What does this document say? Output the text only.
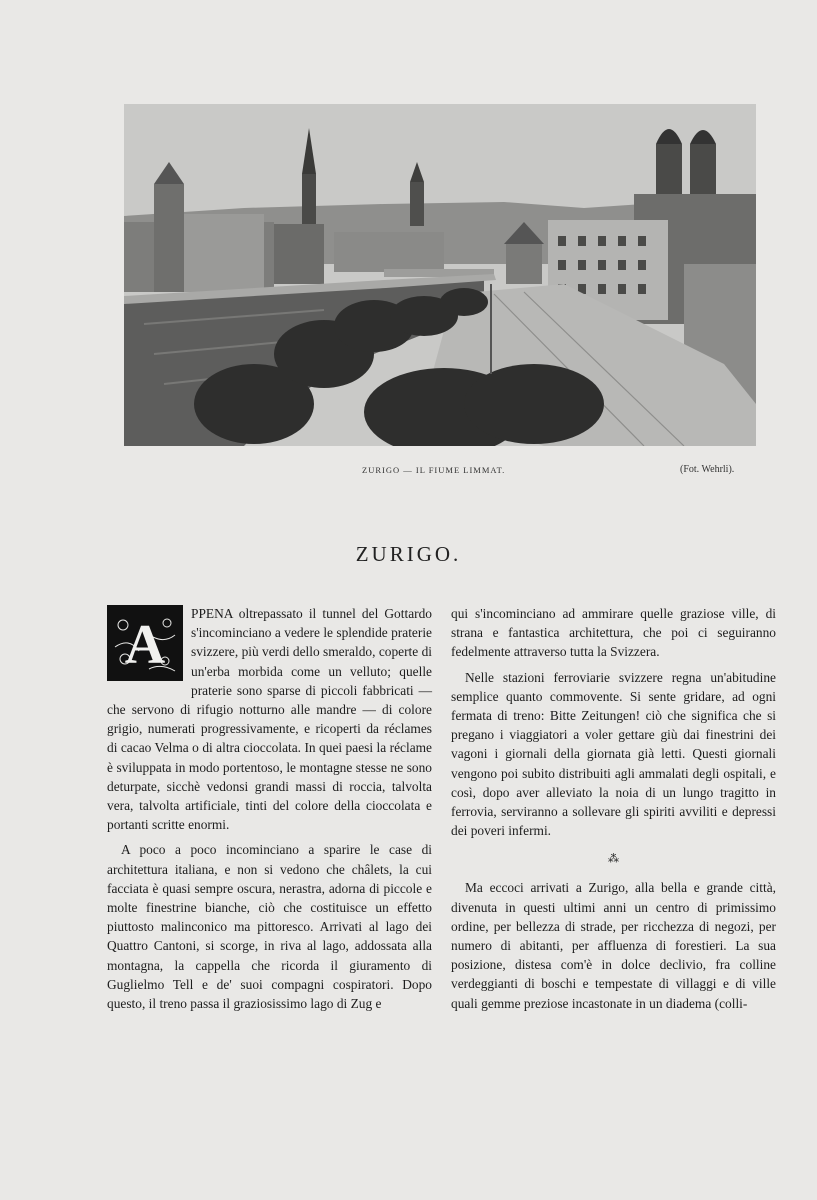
ZURIGO — IL FIUME LIMMAT.	(Fot. Wehrli).
ZURIGO.

A
PPENA oltrepassato il tunnel del Gottardo s'incominciano a vedere le splendide praterie svizzere, più verdi dello smeraldo, coperte di un'erba morbida come un velluto; quelle praterie sono sparse di piccoli fabbricati — che servono di rifugio notturno alle mandre — di colore grigio, numerati progressivamente, e ricoperti da réclames di cacao Velma o di altra cioccolata. In quei paesi la réclame è sviluppata in modo portentoso, le montagne stesse ne sono deturpate, sicchè vedonsi grandi massi di roccia, talvolta vera, talvolta artificiale, tinti del colore della cioccolata e portanti scritte enormi.

A poco a poco incominciano a sparire le case di architettura italiana, e non si vedono che châlets, la cui facciata è quasi sempre oscura, nerastra, adorna di piccole e molte finestrine bianche, ciò che costituisce un effetto piuttosto malinconico ma pittoresco. Arrivati al lago dei Quattro Cantoni, si scorge, in riva al lago, addossata alla montagna, la cappella che ricorda il giuramento di Guglielmo Tell e de' suoi compagni cospiratori. Dopo questo, il treno passa il graziosissimo lago di Zug e

qui s'incominciano ad ammirare quelle graziose ville, di strana e fantastica architettura, che poi ci seguiranno fedelmente attraverso tutta la Svizzera.

Nelle stazioni ferroviarie svizzere regna un'abitudine semplice quanto commovente. Si sente gridare, ad ogni fermata di treno: Bitte Zeitungen! ciò che significa che si pregano i viaggiatori a voler gettare giù dai finestrini dei vagoni i giornali della giornata già letti. Questi giornali vengono poi subito distribuiti agli ammalati degli ospitali, e così, dopo aver alleviato la noia di un lungo tragitto in ferrovia, serviranno a sollevare gli spiriti avviliti e depressi dei poveri infermi.

⁂

Ma eccoci arrivati a Zurigo, alla bella e grande città, divenuta in questi ultimi anni un centro di primissimo ordine, per bellezza di strade, per ricchezza di negozi, per numero di abitanti, per affluenza di forestieri. La sua posizione, distesa com'è in dolce declivio, fra colline verdeggianti di boschi e tempestate di villaggi e di ville quali gemme preziose incastonate in un diadema (colli-
